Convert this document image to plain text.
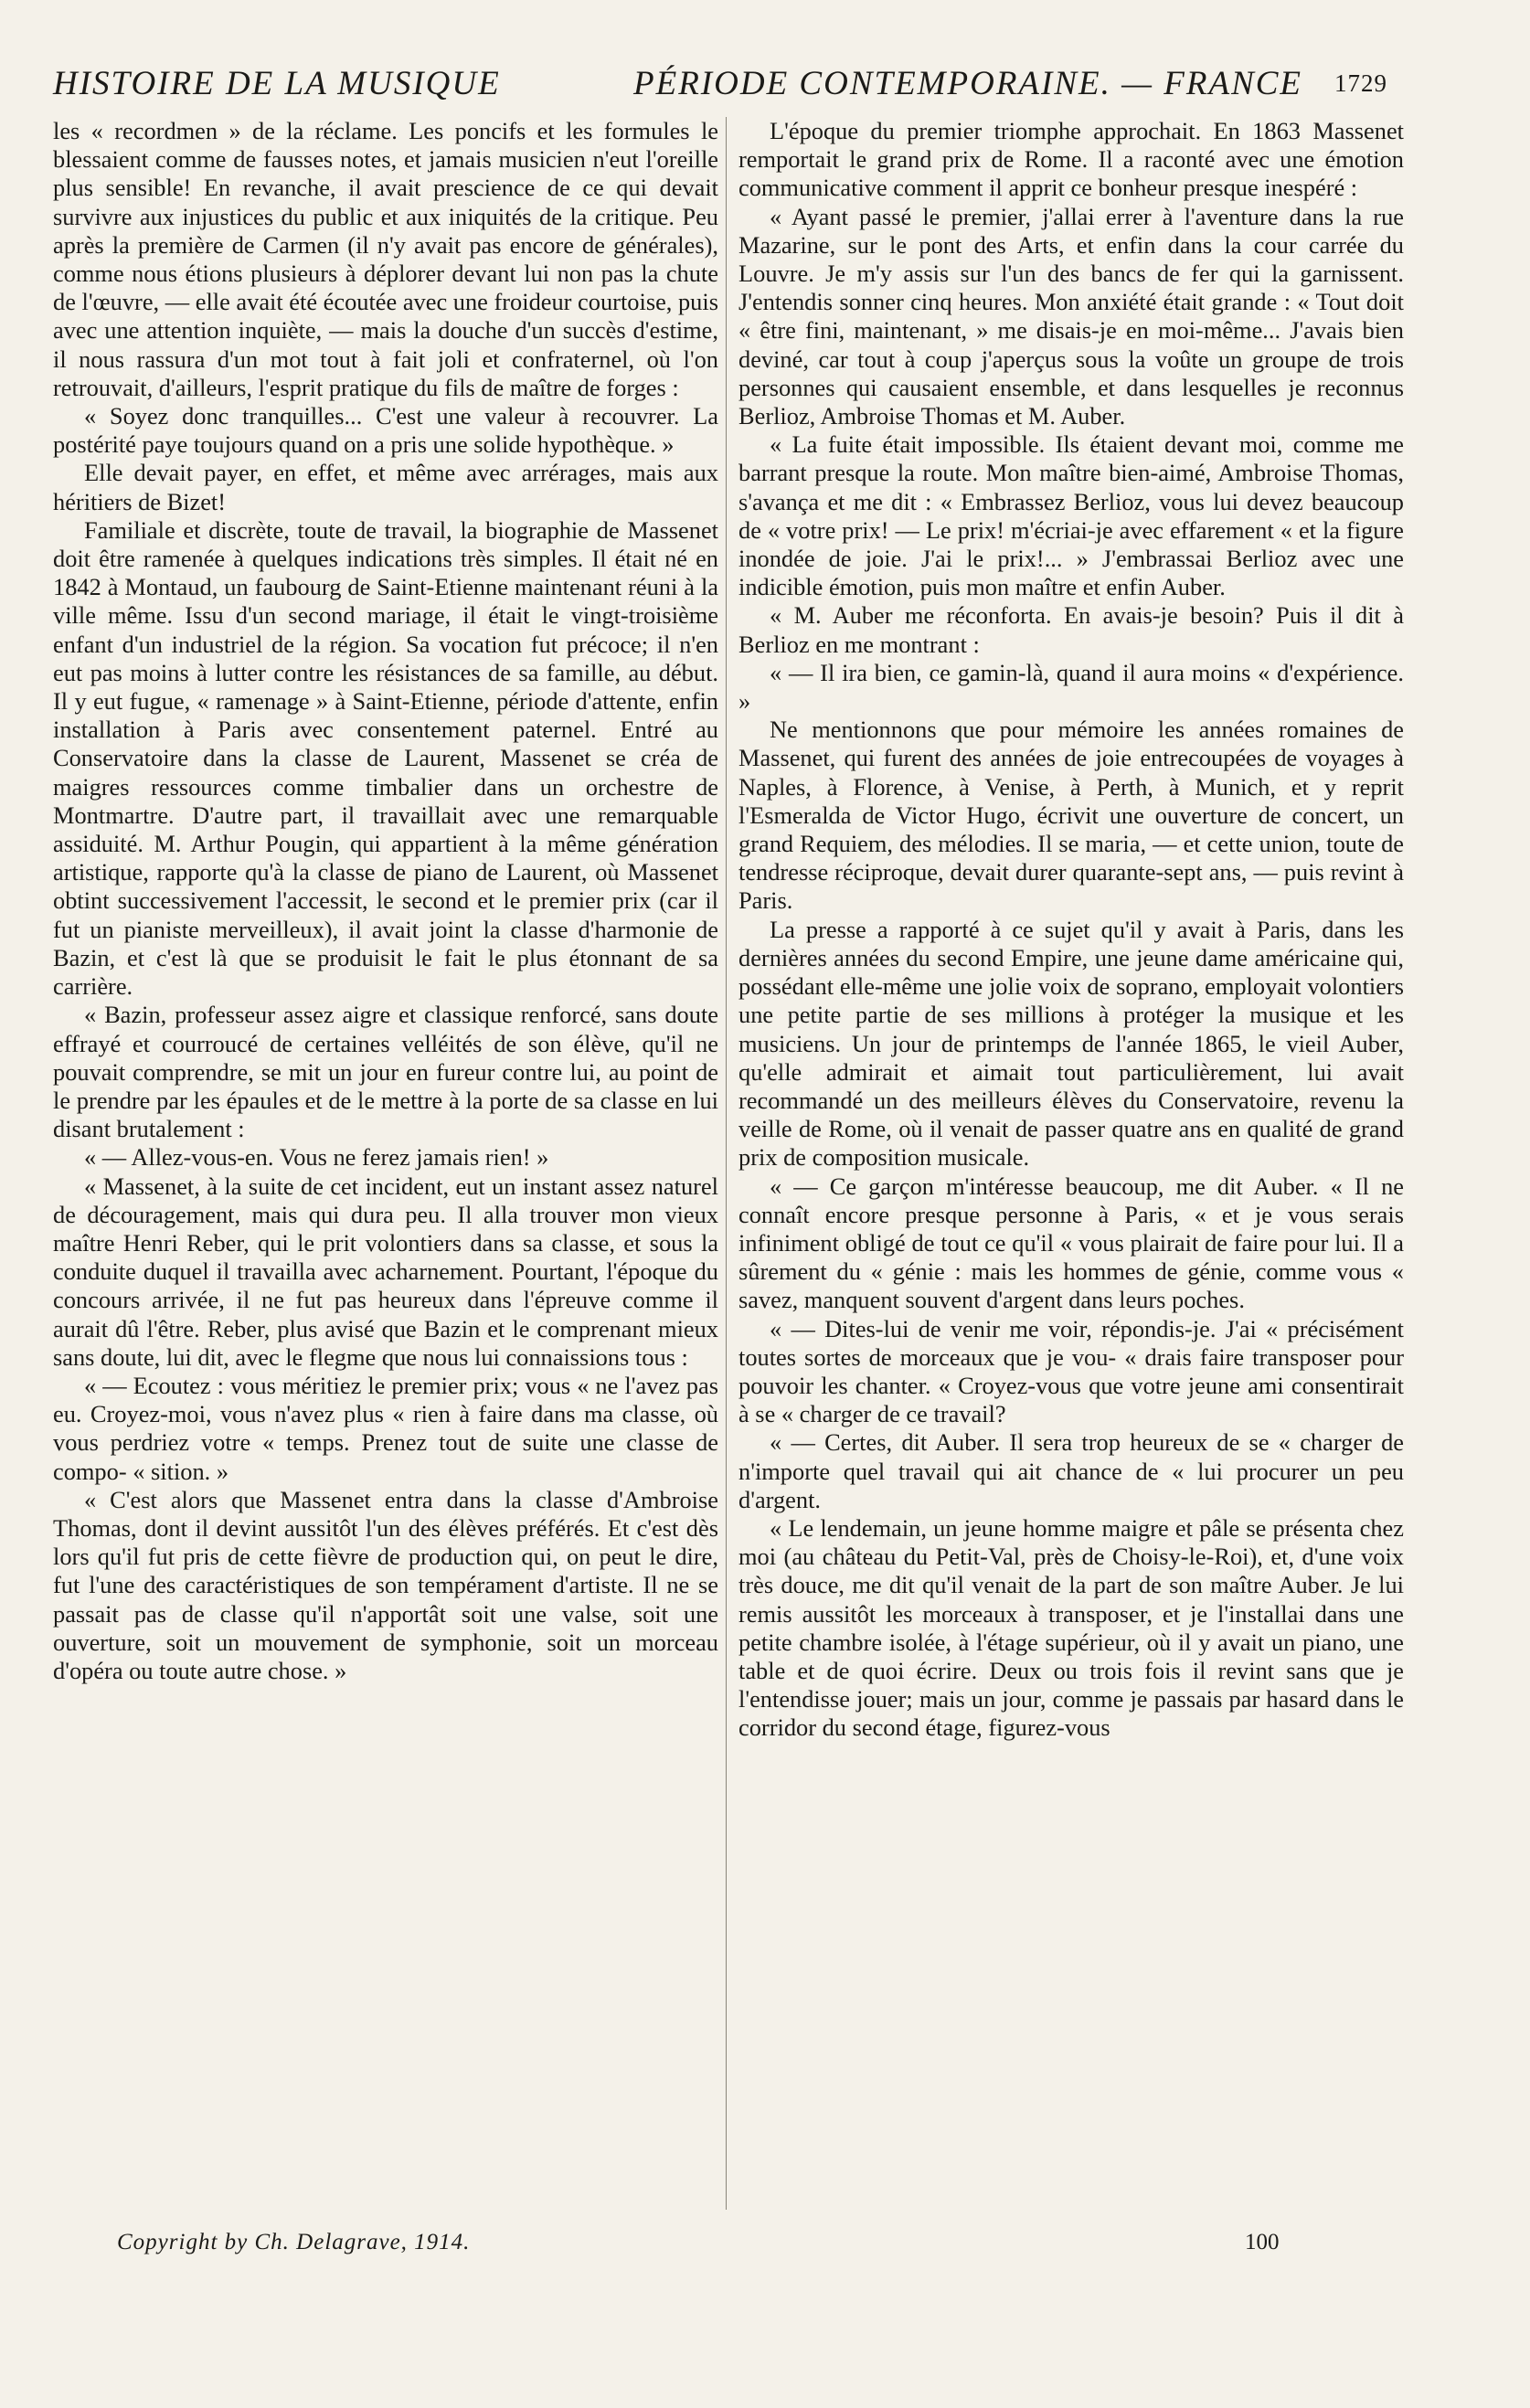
HISTOIRE DE LA MUSIQUE	PÉRIODE CONTEMPORAINE. — FRANCE 1729

les « recordmen » de la réclame. Les poncifs et les formules le blessaient comme de fausses notes, et jamais musicien n'eut l'oreille plus sensible! En revanche, il avait prescience de ce qui devait survivre aux injustices du public et aux iniquités de la critique. Peu après la première de Carmen (il n'y avait pas encore de générales), comme nous étions plusieurs à déplorer devant lui non pas la chute de l'œuvre, — elle avait été écoutée avec une froideur courtoise, puis avec une attention inquiète, — mais la douche d'un succès d'estime, il nous rassura d'un mot tout à fait joli et confraternel, où l'on retrouvait, d'ailleurs, l'esprit pratique du fils de maître de forges :

« Soyez donc tranquilles... C'est une valeur à recouvrer. La postérité paye toujours quand on a pris une solide hypothèque. »

Elle devait payer, en effet, et même avec arrérages, mais aux héritiers de Bizet!

Familiale et discrète, toute de travail, la biographie de Massenet doit être ramenée à quelques indications très simples. Il était né en 1842 à Montaud, un faubourg de Saint-Etienne maintenant réuni à la ville même. Issu d'un second mariage, il était le vingt-troisième enfant d'un industriel de la région. Sa vocation fut précoce; il n'en eut pas moins à lutter contre les résistances de sa famille, au début. Il y eut fugue, « ramenage » à Saint-Etienne, période d'attente, enfin installation à Paris avec consentement paternel. Entré au Conservatoire dans la classe de Laurent, Massenet se créa de maigres ressources comme timbalier dans un orchestre de Montmartre. D'autre part, il travaillait avec une remarquable assiduité. M. Arthur Pougin, qui appartient à la même génération artistique, rapporte qu'à la classe de piano de Laurent, où Massenet obtint successivement l'accessit, le second et le premier prix (car il fut un pianiste merveilleux), il avait joint la classe d'harmonie de Bazin, et c'est là que se produisit le fait le plus étonnant de sa carrière.

« Bazin, professeur assez aigre et classique renforcé, sans doute effrayé et courroucé de certaines velléités de son élève, qu'il ne pouvait comprendre, se mit un jour en fureur contre lui, au point de le prendre par les épaules et de le mettre à la porte de sa classe en lui disant brutalement :

« — Allez-vous-en. Vous ne ferez jamais rien! »

« Massenet, à la suite de cet incident, eut un instant assez naturel de découragement, mais qui dura peu. Il alla trouver mon vieux maître Henri Reber, qui le prit volontiers dans sa classe, et sous la conduite duquel il travailla avec acharnement. Pourtant, l'époque du concours arrivée, il ne fut pas heureux dans l'épreuve comme il aurait dû l'être. Reber, plus avisé que Bazin et le comprenant mieux sans doute, lui dit, avec le flegme que nous lui connaissions tous :

« — Ecoutez : vous méritiez le premier prix; vous « ne l'avez pas eu. Croyez-moi, vous n'avez plus « rien à faire dans ma classe, où vous perdriez votre « temps. Prenez tout de suite une classe de compo- « sition. »

« C'est alors que Massenet entra dans la classe d'Ambroise Thomas, dont il devint aussitôt l'un des élèves préférés. Et c'est dès lors qu'il fut pris de cette fièvre de production qui, on peut le dire, fut l'une des caractéristiques de son tempérament d'artiste. Il ne se passait pas de classe qu'il n'apportât soit une valse, soit une ouverture, soit un mouvement de symphonie, soit un morceau d'opéra ou toute autre chose. »

L'époque du premier triomphe approchait. En 1863 Massenet remportait le grand prix de Rome. Il a raconté avec une émotion communicative comment il apprit ce bonheur presque inespéré :

« Ayant passé le premier, j'allai errer à l'aventure dans la rue Mazarine, sur le pont des Arts, et enfin dans la cour carrée du Louvre. Je m'y assis sur l'un des bancs de fer qui la garnissent. J'entendis sonner cinq heures. Mon anxiété était grande : « Tout doit « être fini, maintenant, » me disais-je en moi-même... J'avais bien deviné, car tout à coup j'aperçus sous la voûte un groupe de trois personnes qui causaient ensemble, et dans lesquelles je reconnus Berlioz, Ambroise Thomas et M. Auber.

« La fuite était impossible. Ils étaient devant moi, comme me barrant presque la route. Mon maître bien-aimé, Ambroise Thomas, s'avança et me dit : « Embrassez Berlioz, vous lui devez beaucoup de « votre prix! — Le prix! m'écriai-je avec effarement « et la figure inondée de joie. J'ai le prix!... » J'embrassai Berlioz avec une indicible émotion, puis mon maître et enfin Auber.

« M. Auber me réconforta. En avais-je besoin? Puis il dit à Berlioz en me montrant :

« — Il ira bien, ce gamin-là, quand il aura moins « d'expérience. »

Ne mentionnons que pour mémoire les années romaines de Massenet, qui furent des années de joie entrecoupées de voyages à Naples, à Florence, à Venise, à Perth, à Munich, et y reprit l'Esmeralda de Victor Hugo, écrivit une ouverture de concert, un grand Requiem, des mélodies. Il se maria, — et cette union, toute de tendresse réciproque, devait durer quarante-sept ans, — puis revint à Paris.

La presse a rapporté à ce sujet qu'il y avait à Paris, dans les dernières années du second Empire, une jeune dame américaine qui, possédant elle-même une jolie voix de soprano, employait volontiers une petite partie de ses millions à protéger la musique et les musiciens. Un jour de printemps de l'année 1865, le vieil Auber, qu'elle admirait et aimait tout particulièrement, lui avait recommandé un des meilleurs élèves du Conservatoire, revenu la veille de Rome, où il venait de passer quatre ans en qualité de grand prix de composition musicale.

« — Ce garçon m'intéresse beaucoup, me dit Auber. « Il ne connaît encore presque personne à Paris, « et je vous serais infiniment obligé de tout ce qu'il « vous plairait de faire pour lui. Il a sûrement du « génie : mais les hommes de génie, comme vous « savez, manquent souvent d'argent dans leurs poches.

« — Dites-lui de venir me voir, répondis-je. J'ai « précisément toutes sortes de morceaux que je vou- « drais faire transposer pour pouvoir les chanter. « Croyez-vous que votre jeune ami consentirait à se « charger de ce travail?

« — Certes, dit Auber. Il sera trop heureux de se « charger de n'importe quel travail qui ait chance de « lui procurer un peu d'argent.

« Le lendemain, un jeune homme maigre et pâle se présenta chez moi (au château du Petit-Val, près de Choisy-le-Roi), et, d'une voix très douce, me dit qu'il venait de la part de son maître Auber. Je lui remis aussitôt les morceaux à transposer, et je l'installai dans une petite chambre isolée, à l'étage supérieur, où il y avait un piano, une table et de quoi écrire. Deux ou trois fois il revint sans que je l'entendisse jouer; mais un jour, comme je passais par hasard dans le corridor du second étage, figurez-vous

Copyright by Ch. Delagrave, 1914.	100
